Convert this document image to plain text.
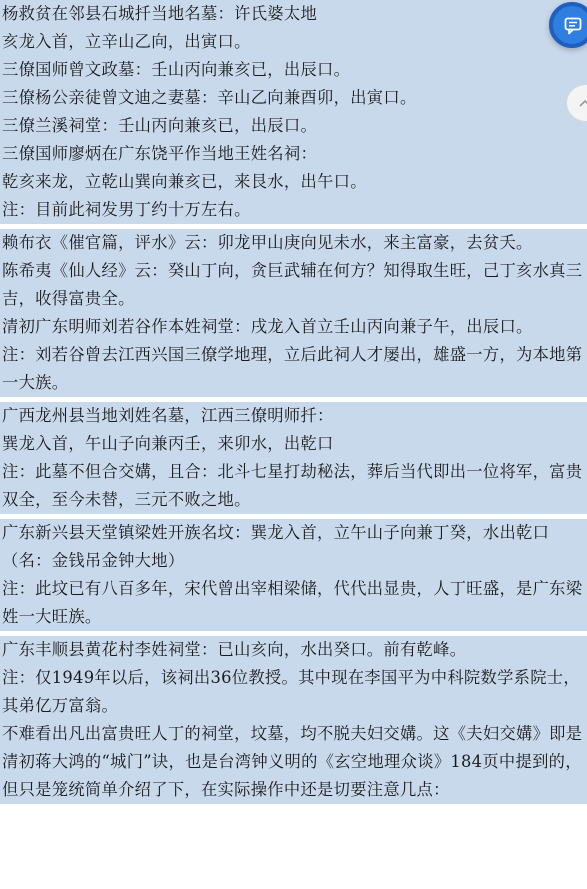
杨救贫在邻县石城扦当地名墓：许氏婆太地
亥龙入首，立辛山乙向，出寅口。
三僚国师曾文政墓：壬山丙向兼亥已，出辰口。
三僚杨公亲徒曾文迪之妻墓：辛山乙向兼酉卯，出寅口。
三僚兰溪祠堂：壬山丙向兼亥已，出辰口。
三僚国师廖炳在广东饶平作当地王姓名祠：
乾亥来龙，立乾山巽向兼亥已，来艮水，出午口。
注：目前此祠发男丁约十万左右。
赖布衣《催官篇，评水》云：卯龙甲山庚向见未水，来主富豪，去贫夭。
陈希夷《仙人经》云：癸山丁向，贪巨武辅在何方？知得取生旺，己丁亥水真三吉，收得富贵全。
清初广东明师刘若谷作本姓祠堂：戌龙入首立壬山丙向兼子午，出辰口。
注：刘若谷曾去江西兴国三僚学地理，立后此祠人才屡出，雄盛一方，为本地第一大族。
广西龙州县当地刘姓名墓，江西三僚明师扦：
巽龙入首，午山子向兼丙壬，来卯水，出乾口
注：此墓不但合交媾，且合：北斗七星打劫秘法，葬后当代即出一位将军，富贵双全，至今未替，三元不败之地。
广东新兴县天堂镇梁姓开族名坟：巽龙入首，立午山子向兼丁癸，水出乾口（名：金钱吊金钟大地）
注：此坟已有八百多年，宋代曾出宰相梁储，代代出显贵，人丁旺盛，是广东梁姓一大旺族。
广东丰顺县黄花村李姓祠堂：已山亥向，水出癸口。前有乾峰。
注：仅1949年以后，该祠出36位教授。其中现在李国平为中科院数学系院士，其弟亿万富翁。
不难看出凡出富贵旺人丁的祠堂，坟墓，均不脱夫妇交媾。这《夫妇交媾》即是清初蒋大鸿的“城门”诀，也是台湾钟义明的《玄空地理众谈》184页中提到的，但只是笼统简单介绍了下，在实际操作中还是切要注意几点：
